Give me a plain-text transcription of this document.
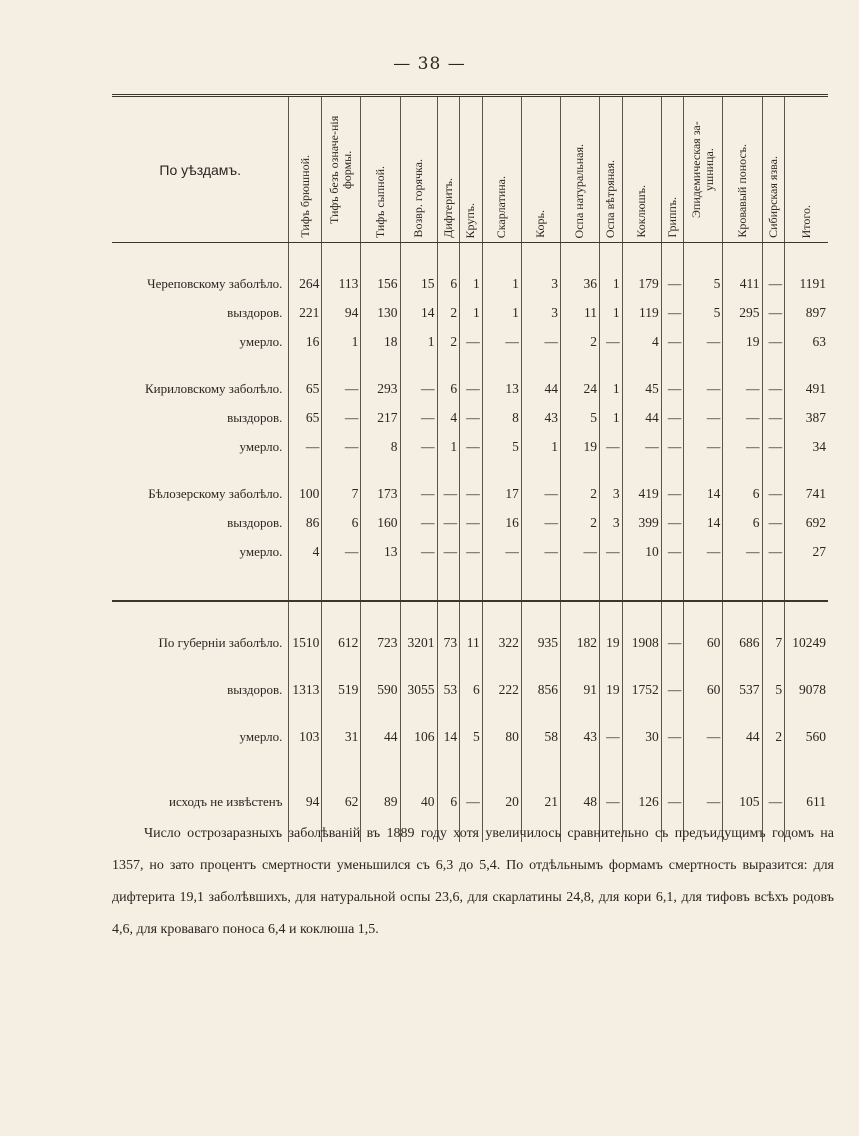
— 38 —
По уѣздамъ.	Тифъ брюшной.	Тифъ безъ означе-нія формы.	Тифъ сыпной.	Возвр. горячка.	Дифтеритъ.	Крупъ.	Скарлатина.	Корь.	Оспа натуральная.	Оспа вѣтряная.	Коклюшъ.	Гриппъ.	Эпидемическая за-ушница.	Кровавый поносъ.	Сибирская язва.	Итого.

Череповскому заболѣло.	264	113	156	15	6	1	1	3	36	1	179	—	5	411	—	1191
выздоров.	221	94	130	14	2	1	1	3	11	1	119	—	5	295	—	897
умерло.	16	1	18	1	2	—	—	—	2	—	4	—	—	19	—	63

Кириловскому заболѣло.	65	—	293	—	6	—	13	44	24	1	45	—	—	—	—	491
выздоров.	65	—	217	—	4	—	8	43	5	1	44	—	—	—	—	387
умерло.	—	—	8	—	1	—	5	1	19	—	—	—	—	—	—	34

Бѣлозерскому заболѣло.	100	7	173	—	—	—	17	—	2	3	419	—	14	6	—	741
выздоров.	86	6	160	—	—	—	16	—	2	3	399	—	14	6	—	692
умерло.	4	—	13	—	—	—	—	—	—	—	10	—	—	—	—	27

По губерніи заболѣло.	1510	612	723	3201	73	11	322	935	182	19	1908	—	60	686	7	10249

выздоров.	1313	519	590	3055	53	6	222	856	91	19	1752	—	60	537	5	9078

умерло.	103	31	44	106	14	5	80	58	43	—	30	—	—	44	2	560

исходъ не извѣстенъ	94	62	89	40	6	—	20	21	48	—	126	—	—	105	—	611

Число острозаразныхъ заболѣваній въ 1889 году хотя увеличилось сравнительно съ предъидущимъ годомъ на 1357, но зато процентъ смертности уменьшился съ 6,3 до 5,4. По отдѣльнымъ формамъ смертность выразится: для дифтерита 19,1 заболѣвшихъ, для натуральной оспы 23,6, для скарлатины 24,8, для кори 6,1, для тифовъ всѣхъ родовъ 4,6, для кроваваго поноса 6,4 и коклюша 1,5.
